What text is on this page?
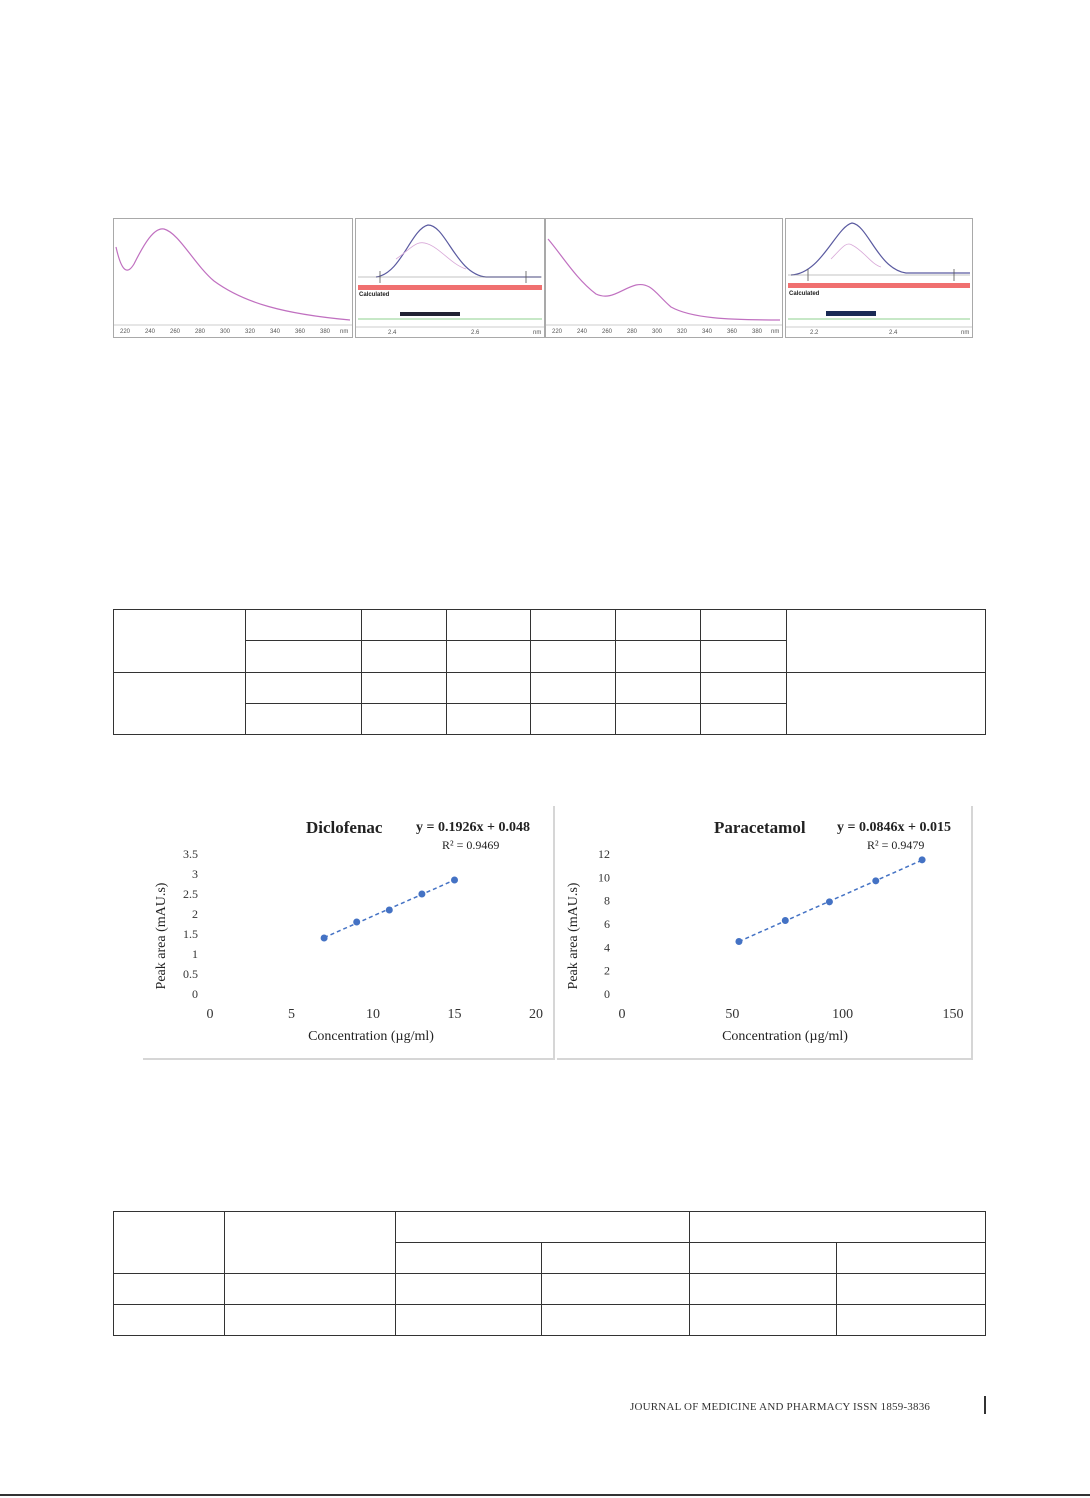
220 240 260 280 300 320 340 360 380 nm
Calculated
2.4	2.6	nm 220 240 260 280 300 320 340 360 380 nm
Calculated
2.2	2.4	nm

Diclofenac y = 0.1926x + 0.048
R² = 0.9469
Peak area (mAU.s)
Concentration (µg/ml)
0	5	10	15	20
0
0.5
1
1.5
2
2.5
3
3.5
Paracetamol y = 0.0846x + 0.015
R² = 0.9479
Peak area (mAU.s)
Concentration (µg/ml)
0	50	100	150
0
2
4
6
8
10
12

JOURNAL OF MEDICINE AND PHARMACY ISSN 1859-3836
